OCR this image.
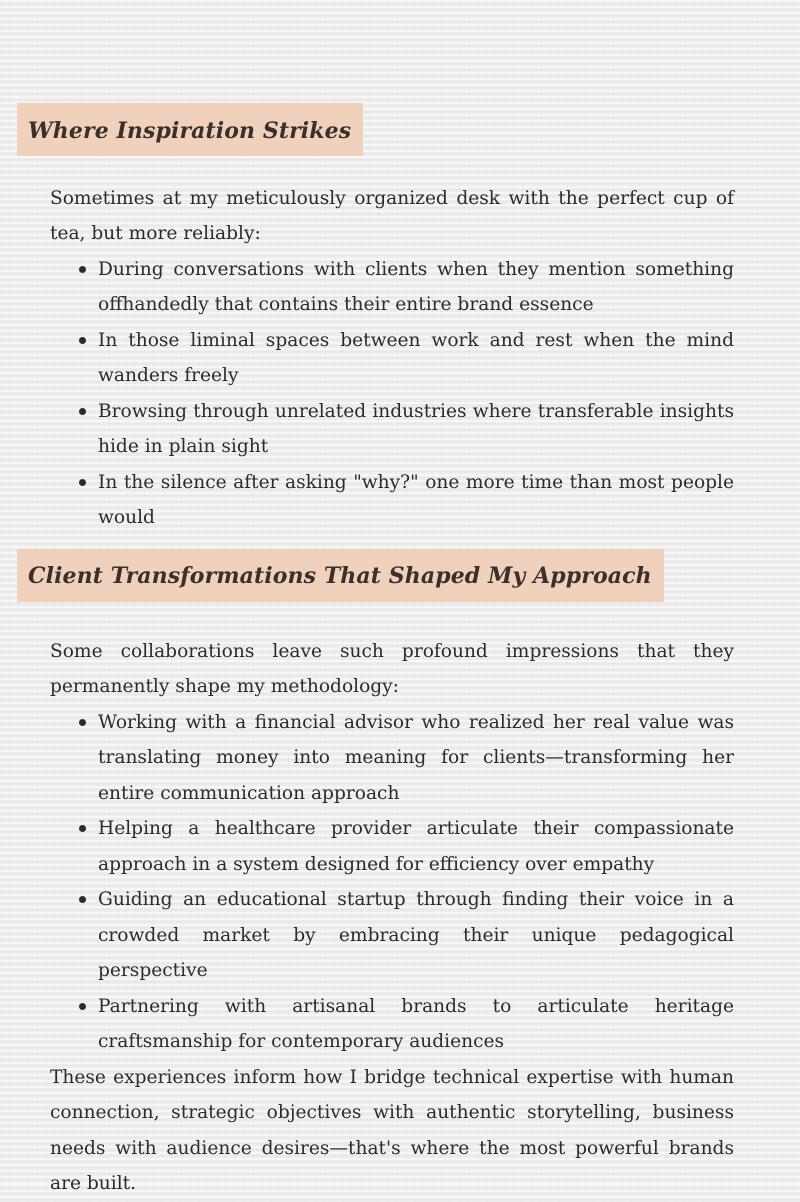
Where Inspiration Strikes

Sometimes at my meticulously organized desk with the perfect cup of tea, but more reliably:

During conversations with clients when they mention something offhandedly that contains their entire brand essence
In those liminal spaces between work and rest when the mind wanders freely
Browsing through unrelated industries where transferable insights hide in plain sight
In the silence after asking "why?" one more time than most people would
Client Transformations That Shaped My Approach

Some collaborations leave such profound impressions that they permanently shape my methodology:

Working with a financial advisor who realized her real value was translating money into meaning for clients—transforming her entire communication approach
Helping a healthcare provider articulate their compassionate approach in a system designed for efficiency over empathy
Guiding an educational startup through finding their voice in a crowded market by embracing their unique pedagogical perspective
Partnering with artisanal brands to articulate heritage craftsmanship for contemporary audiences

These experiences inform how I bridge technical expertise with human connection, strategic objectives with authentic storytelling, business needs with audience desires—that's where the most powerful brands are built.
